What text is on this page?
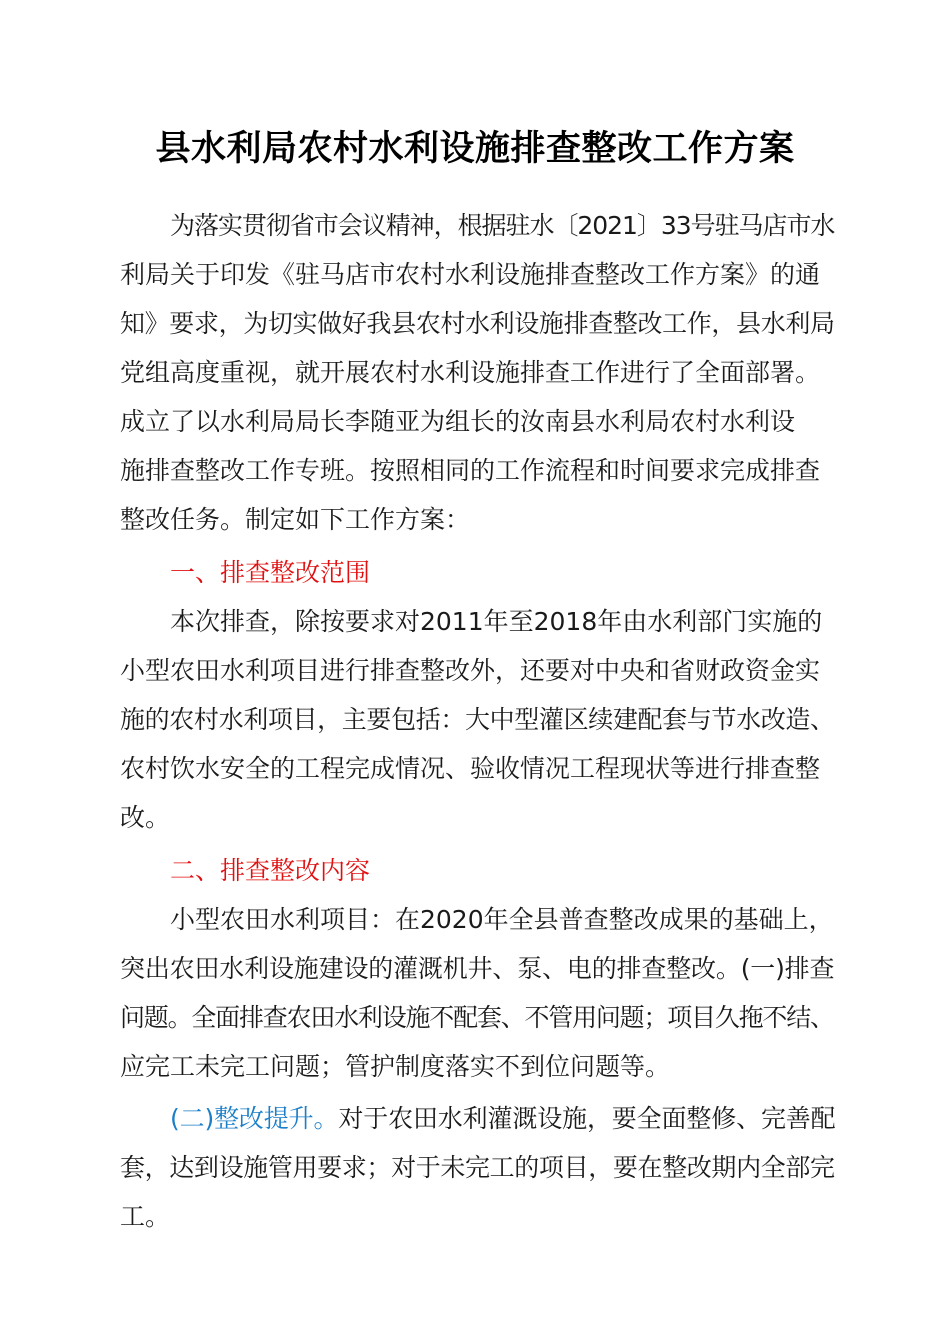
县水利局农村水利设施排查整改工作方案
为落实贯彻省市会议精神，根据驻水〔2021〕33号驻马店市水
利局关于印发《驻马店市农村水利设施排查整改工作方案》的通
知》要求，为切实做好我县农村水利设施排查整改工作，县水利局
党组高度重视，就开展农村水利设施排查工作进行了全面部署。
成立了以水利局局长李随亚为组长的汝南县水利局农村水利设
施排查整改工作专班。按照相同的工作流程和时间要求完成排查
整改任务。制定如下工作方案：
一、排查整改范围
本次排查，除按要求对2011年至2018年由水利部门实施的
小型农田水利项目进行排查整改外，还要对中央和省财政资金实
施的农村水利项目，主要包括：大中型灌区续建配套与节水改造、
农村饮水安全的工程完成情况、验收情况工程现状等进行排查整
改。
二、排查整改内容
小型农田水利项目：在2020年全县普查整改成果的基础上，
突出农田水利设施建设的灌溉机井、泵、电的排查整改。(一)排查
问题。全面排查农田水利设施不配套、不管用问题；项目久拖不结、
应完工未完工问题；管护制度落实不到位问题等。
(二)整改提升。对于农田水利灌溉设施，要全面整修、完善配
套，达到设施管用要求；对于未完工的项目，要在整改期内全部完
工。
